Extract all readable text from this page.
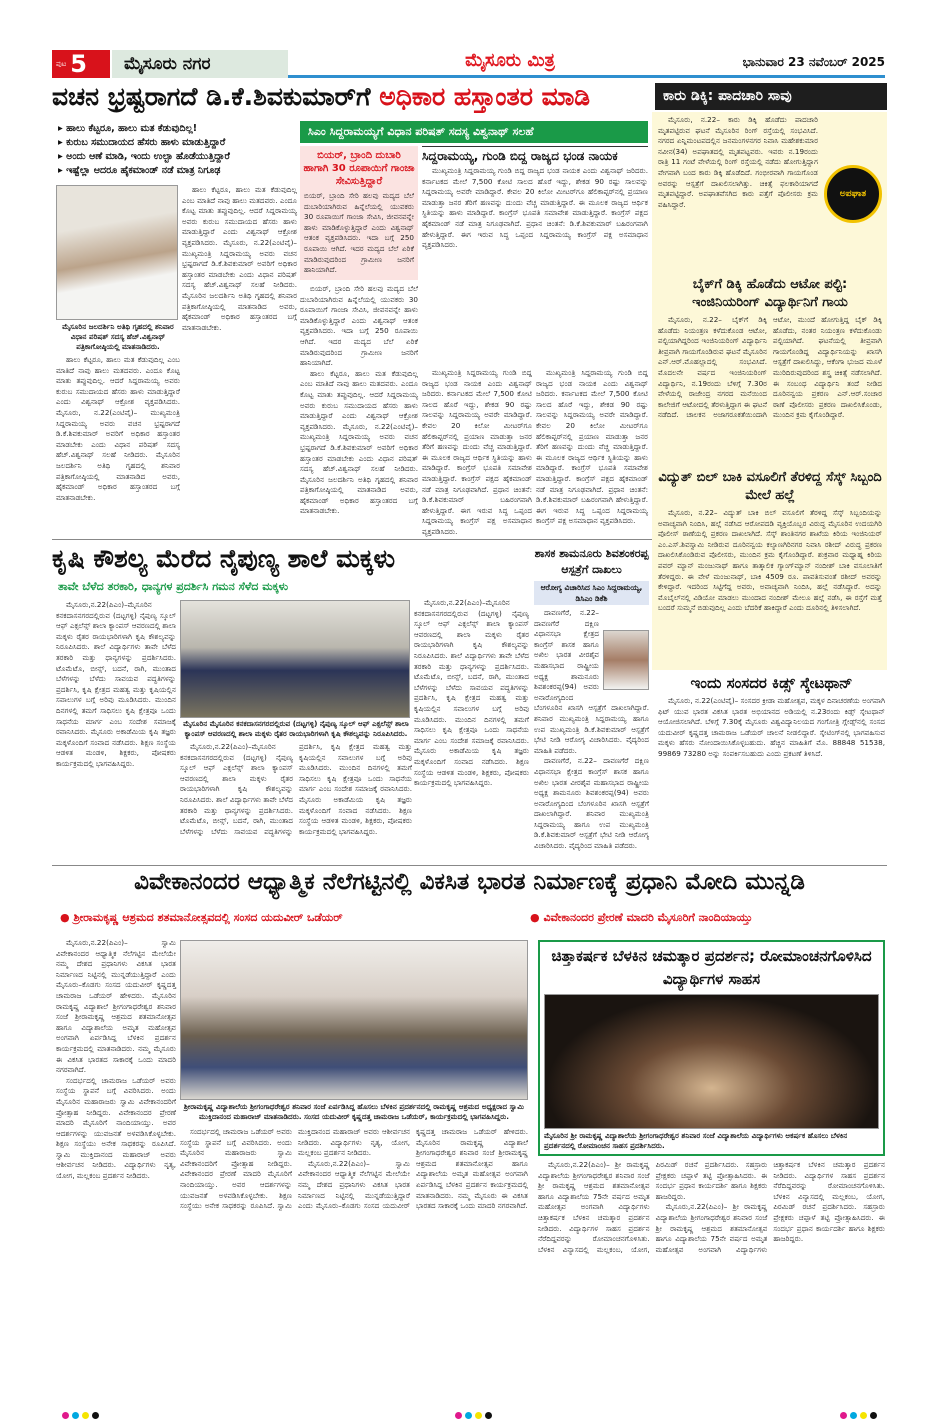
ಪುಟ 5	ಮೈಸೂರು ನಗರ	ಮೈಸೂರು ಮಿತ್ರ	ಭಾನುವಾರ 23 ನವೆಂಬರ್ 2025
ವಚನ ಭ್ರಷ್ಟರಾಗದೆ ಡಿ.ಕೆ.ಶಿವಕುಮಾರ್‌ಗೆ ಅಧಿಕಾರ ಹಸ್ತಾಂತರ ಮಾಡಿ
▸ ಹಾಲು ಕೆಟ್ಟರೂ, ಹಾಲು ಮತ ಕೆಡುವುದಿಲ್ಲ!
▸ ಕುರುಬ ಸಮುದಾಯದ ಹೆಸರು ಹಾಳು ಮಾಡುತ್ತಿದ್ದಾರೆ
▸ ಅಂದು ಆಣೆ ಮಾಡಿ, ಇಂದು ಉಲ್ಟಾ ಹೊಡೆಯುತ್ತಿದ್ದಾರೆ
▸ ಇಷ್ಟೆಲ್ಲಾ ಆದರೂ ಹೈಕಮಾಂಡ್ ನಡೆ ಮಾತ್ರ ನಿಗೂಢ
ಸಿಎಂ ಸಿದ್ದರಾಮಯ್ಯಗೆ ವಿಧಾನ ಪರಿಷತ್ ಸದಸ್ಯ ವಿಶ್ವನಾಥ್ ಸಲಹೆ
ಮೈಸೂರಿನ ಜಲದರ್ಶಿನಿ ಅತಿಥಿ ಗೃಹದಲ್ಲಿ ಶನಿವಾರ ವಿಧಾನ ಪರಿಷತ್ ಸದಸ್ಯ ಹೆಚ್.ವಿಶ್ವನಾಥ್ ಪತ್ರಿಕಾಗೋಷ್ಠಿಯಲ್ಲಿ ಮಾತನಾಡಿದರು.

ಹಾಲು ಕೆಟ್ಟರೂ, ಹಾಲು ಮತ ಕೆಡುವುದಿಲ್ಲ ಎಂಬ ಮಾತಿದೆ ನಾವು ಹಾಲು ಮತದವರು. ಎಂದೂ ಕೊಟ್ಟ ಮಾತು ತಪ್ಪುವುದಿಲ್ಲ. ಆದರೆ ಸಿದ್ದರಾಮಯ್ಯ ಅವರು ಕುರುಬ ಸಮುದಾಯದ ಹೆಸರು ಹಾಳು ಮಾಡುತ್ತಿದ್ದಾರೆ ಎಂದು ವಿಶ್ವನಾಥ್ ಆಕ್ರೋಶ ವ್ಯಕ್ತಪಡಿಸಿದರು. ಮೈಸೂರು, ನ.22(ಎಂಟಿವೈ)– ಮುಖ್ಯಮಂತ್ರಿ ಸಿದ್ದರಾಮಯ್ಯ ಅವರು ವಚನ ಭ್ರಷ್ಟರಾಗದೆ ಡಿ.ಕೆ.ಶಿವಕುಮಾರ್ ಅವರಿಗೆ ಅಧಿಕಾರ ಹಸ್ತಾಂತರ ಮಾಡಬೇಕು ಎಂದು ವಿಧಾನ ಪರಿಷತ್ ಸದಸ್ಯ ಹೆಚ್.ವಿಶ್ವನಾಥ್ ಸಲಹೆ ನೀಡಿದರು. ಮೈಸೂರಿನ ಜಲದರ್ಶಿನಿ ಅತಿಥಿ ಗೃಹದಲ್ಲಿ ಶನಿವಾರ ಪತ್ರಿಕಾಗೋಷ್ಠಿಯಲ್ಲಿ ಮಾತನಾಡಿದ ಅವರು, ಹೈಕಮಾಂಡ್ ಅಧಿಕಾರ ಹಸ್ತಾಂತರದ ಬಗ್ಗೆ ಮಾತನಾಡಬೇಕು.

ಹಾಲು ಕೆಟ್ಟರೂ, ಹಾಲು ಮತ ಕೆಡುವುದಿಲ್ಲ ಎಂಬ ಮಾತಿದೆ ನಾವು ಹಾಲು ಮತದವರು. ಎಂದೂ ಕೊಟ್ಟ ಮಾತು ತಪ್ಪುವುದಿಲ್ಲ. ಆದರೆ ಸಿದ್ದರಾಮಯ್ಯ ಅವರು ಕುರುಬ ಸಮುದಾಯದ ಹೆಸರು ಹಾಳು ಮಾಡುತ್ತಿದ್ದಾರೆ ಎಂದು ವಿಶ್ವನಾಥ್ ಆಕ್ರೋಶ ವ್ಯಕ್ತಪಡಿಸಿದರು. ಮೈಸೂರು, ನ.22(ಎಂಟಿವೈ)– ಮುಖ್ಯಮಂತ್ರಿ ಸಿದ್ದರಾಮಯ್ಯ ಅವರು ವಚನ ಭ್ರಷ್ಟರಾಗದೆ ಡಿ.ಕೆ.ಶಿವಕುಮಾರ್ ಅವರಿಗೆ ಅಧಿಕಾರ ಹಸ್ತಾಂತರ ಮಾಡಬೇಕು ಎಂದು ವಿಧಾನ ಪರಿಷತ್ ಸದಸ್ಯ ಹೆಚ್.ವಿಶ್ವನಾಥ್ ಸಲಹೆ ನೀಡಿದರು. ಮೈಸೂರಿನ ಜಲದರ್ಶಿನಿ ಅತಿಥಿ ಗೃಹದಲ್ಲಿ ಶನಿವಾರ ಪತ್ರಿಕಾಗೋಷ್ಠಿಯಲ್ಲಿ ಮಾತನಾಡಿದ ಅವರು, ಹೈಕಮಾಂಡ್ ಅಧಿಕಾರ ಹಸ್ತಾಂತರದ ಬಗ್ಗೆ ಮಾತನಾಡಬೇಕು.

ಬಿಯರ್, ಬ್ರಾಂದಿ ದುಬಾರಿ ಹಾಗಾಗಿ 30 ರೂಪಾಯಿಗೆ ಗಾಂಜಾ ಸೇವಿಸುತ್ತಿದ್ದಾರೆ
ಬಿಯರ್, ಬ್ರಾಂದಿ ಸೇರಿ ಹಲವು ಮದ್ಯದ ಬೆಲೆ ದುಬಾರಿಯಾಗಿರುವ ಹಿನ್ನೆಲೆಯಲ್ಲಿ ಯುವಕರು 30 ರೂಪಾಯಿಗೆ ಗಾಂಜಾ ಸೇವಿಸಿ, ಜೀವನವನ್ನೇ ಹಾಳು ಮಾಡಿಕೊಳ್ಳುತ್ತಿದ್ದಾರೆ ಎಂದು ವಿಶ್ವನಾಥ್ ಆತಂಕ ವ್ಯಕ್ತಪಡಿಸಿದರು. ಇದಾ ಬಗ್ಗೆ 250 ರೂಪಾಯಿ ಆಗಿದೆ. ಇದರ ಮದ್ಯದ ಬೆಲೆ ಏರಿಕೆ ಮಾಡಿರುವುದರಿಂದ ಗ್ರಾಮೀಣ ಜನರಿಗೆ ಹಾನಿಯಾಗಿದೆ.

ಬಿಯರ್, ಬ್ರಾಂದಿ ಸೇರಿ ಹಲವು ಮದ್ಯದ ಬೆಲೆ ದುಬಾರಿಯಾಗಿರುವ ಹಿನ್ನೆಲೆಯಲ್ಲಿ ಯುವಕರು 30 ರೂಪಾಯಿಗೆ ಗಾಂಜಾ ಸೇವಿಸಿ, ಜೀವನವನ್ನೇ ಹಾಳು ಮಾಡಿಕೊಳ್ಳುತ್ತಿದ್ದಾರೆ ಎಂದು ವಿಶ್ವನಾಥ್ ಆತಂಕ ವ್ಯಕ್ತಪಡಿಸಿದರು. ಇದಾ ಬಗ್ಗೆ 250 ರೂಪಾಯಿ ಆಗಿದೆ. ಇದರ ಮದ್ಯದ ಬೆಲೆ ಏರಿಕೆ ಮಾಡಿರುವುದರಿಂದ ಗ್ರಾಮೀಣ ಜನರಿಗೆ ಹಾನಿಯಾಗಿದೆ.

ಹಾಲು ಕೆಟ್ಟರೂ, ಹಾಲು ಮತ ಕೆಡುವುದಿಲ್ಲ ಎಂಬ ಮಾತಿದೆ ನಾವು ಹಾಲು ಮತದವರು. ಎಂದೂ ಕೊಟ್ಟ ಮಾತು ತಪ್ಪುವುದಿಲ್ಲ. ಆದರೆ ಸಿದ್ದರಾಮಯ್ಯ ಅವರು ಕುರುಬ ಸಮುದಾಯದ ಹೆಸರು ಹಾಳು ಮಾಡುತ್ತಿದ್ದಾರೆ ಎಂದು ವಿಶ್ವನಾಥ್ ಆಕ್ರೋಶ ವ್ಯಕ್ತಪಡಿಸಿದರು. ಮೈಸೂರು, ನ.22(ಎಂಟಿವೈ)– ಮುಖ್ಯಮಂತ್ರಿ ಸಿದ್ದರಾಮಯ್ಯ ಅವರು ವಚನ ಭ್ರಷ್ಟರಾಗದೆ ಡಿ.ಕೆ.ಶಿವಕುಮಾರ್ ಅವರಿಗೆ ಅಧಿಕಾರ ಹಸ್ತಾಂತರ ಮಾಡಬೇಕು ಎಂದು ವಿಧಾನ ಪರಿಷತ್ ಸದಸ್ಯ ಹೆಚ್.ವಿಶ್ವನಾಥ್ ಸಲಹೆ ನೀಡಿದರು. ಮೈಸೂರಿನ ಜಲದರ್ಶಿನಿ ಅತಿಥಿ ಗೃಹದಲ್ಲಿ ಶನಿವಾರ ಪತ್ರಿಕಾಗೋಷ್ಠಿಯಲ್ಲಿ ಮಾತನಾಡಿದ ಅವರು, ಹೈಕಮಾಂಡ್ ಅಧಿಕಾರ ಹಸ್ತಾಂತರದ ಬಗ್ಗೆ ಮಾತನಾಡಬೇಕು.

ಸಿದ್ದರಾಮಯ್ಯ, ಗುಂಡಿ ಬಿದ್ದ ರಾಜ್ಯದ ಭಂಡ ನಾಯಕ

ಮುಖ್ಯಮಂತ್ರಿ ಸಿದ್ದರಾಮಯ್ಯ ಗುಂಡಿ ಬಿದ್ದ ರಾಜ್ಯದ ಭಂಡ ನಾಯಕ ಎಂದು ವಿಶ್ವನಾಥ್ ಜರಿದರು. ಕರ್ನಾಟಕದ ಮೇಲೆ 7,500 ಕೋಟಿ ಸಾಲದ ಹೊರೆ ಇದ್ದು, ಶೇಕಡ 90 ರಷ್ಟು ಸಾಲವನ್ನು ಸಿದ್ದರಾಮಯ್ಯ ಅವರೇ ಮಾಡಿದ್ದಾರೆ. ಕೇವಲ 20 ಕಿಲೋ ಮೀಟರ್‌ಗೂ ಹೆಲಿಕಾಪ್ಟರ್‌ನಲ್ಲಿ ಪ್ರಯಾಣ ಮಾಡುತ್ತಾ ಜನರ ತೆರಿಗೆ ಹಣವನ್ನು ದುಂದು ವೆಚ್ಚ ಮಾಡುತ್ತಿದ್ದಾರೆ. ಈ ಮೂಲಕ ರಾಜ್ಯದ ಆರ್ಥಿಕ ಸ್ಥಿತಿಯನ್ನು ಹಾಳು ಮಾಡಿದ್ದಾರೆ. ಕಾಂಗ್ರೆಸ್ ಭೂಪತಿ ಸಮಾವೇಶ ಮಾಡುತ್ತಿದ್ದಾರೆ. ಕಾಂಗ್ರೆಸ್ ಪಕ್ಷದ ಹೈಕಮಾಂಡ್ ನಡೆ ಮಾತ್ರ ನಿಗೂಢವಾಗಿದೆ. ಪ್ರಧಾನ ಚಿಂತನೆ: ಡಿ.ಕೆ.ಶಿವಕುಮಾರ್ ಬಹಿರಂಗವಾಗಿ ಹೇಳುತ್ತಿದ್ದಾರೆ. ಈಗ ಇರುವ ಸಿದ್ಧ ಒಪ್ಪಂದ ಸಿದ್ದರಾಮಯ್ಯ ಕಾಂಗ್ರೆಸ್ ಪಕ್ಷ ಅಸಮಾಧಾನ ವ್ಯಕ್ತಪಡಿಸಿದರು.

ಮುಖ್ಯಮಂತ್ರಿ ಸಿದ್ದರಾಮಯ್ಯ ಗುಂಡಿ ಬಿದ್ದ ರಾಜ್ಯದ ಭಂಡ ನಾಯಕ ಎಂದು ವಿಶ್ವನಾಥ್ ಜರಿದರು. ಕರ್ನಾಟಕದ ಮೇಲೆ 7,500 ಕೋಟಿ ಸಾಲದ ಹೊರೆ ಇದ್ದು, ಶೇಕಡ 90 ರಷ್ಟು ಸಾಲವನ್ನು ಸಿದ್ದರಾಮಯ್ಯ ಅವರೇ ಮಾಡಿದ್ದಾರೆ. ಕೇವಲ 20 ಕಿಲೋ ಮೀಟರ್‌ಗೂ ಹೆಲಿಕಾಪ್ಟರ್‌ನಲ್ಲಿ ಪ್ರಯಾಣ ಮಾಡುತ್ತಾ ಜನರ ತೆರಿಗೆ ಹಣವನ್ನು ದುಂದು ವೆಚ್ಚ ಮಾಡುತ್ತಿದ್ದಾರೆ. ಈ ಮೂಲಕ ರಾಜ್ಯದ ಆರ್ಥಿಕ ಸ್ಥಿತಿಯನ್ನು ಹಾಳು ಮಾಡಿದ್ದಾರೆ. ಕಾಂಗ್ರೆಸ್ ಭೂಪತಿ ಸಮಾವೇಶ ಮಾಡುತ್ತಿದ್ದಾರೆ. ಕಾಂಗ್ರೆಸ್ ಪಕ್ಷದ ಹೈಕಮಾಂಡ್ ನಡೆ ಮಾತ್ರ ನಿಗೂಢವಾಗಿದೆ. ಪ್ರಧಾನ ಚಿಂತನೆ: ಡಿ.ಕೆ.ಶಿವಕುಮಾರ್ ಬಹಿರಂಗವಾಗಿ ಹೇಳುತ್ತಿದ್ದಾರೆ. ಈಗ ಇರುವ ಸಿದ್ಧ ಒಪ್ಪಂದ ಸಿದ್ದರಾಮಯ್ಯ ಕಾಂಗ್ರೆಸ್ ಪಕ್ಷ ಅಸಮಾಧಾನ ವ್ಯಕ್ತಪಡಿಸಿದರು.

ಮುಖ್ಯಮಂತ್ರಿ ಸಿದ್ದರಾಮಯ್ಯ ಗುಂಡಿ ಬಿದ್ದ ರಾಜ್ಯದ ಭಂಡ ನಾಯಕ ಎಂದು ವಿಶ್ವನಾಥ್ ಜರಿದರು. ಕರ್ನಾಟಕದ ಮೇಲೆ 7,500 ಕೋಟಿ ಸಾಲದ ಹೊರೆ ಇದ್ದು, ಶೇಕಡ 90 ರಷ್ಟು ಸಾಲವನ್ನು ಸಿದ್ದರಾಮಯ್ಯ ಅವರೇ ಮಾಡಿದ್ದಾರೆ. ಕೇವಲ 20 ಕಿಲೋ ಮೀಟರ್‌ಗೂ ಹೆಲಿಕಾಪ್ಟರ್‌ನಲ್ಲಿ ಪ್ರಯಾಣ ಮಾಡುತ್ತಾ ಜನರ ತೆರಿಗೆ ಹಣವನ್ನು ದುಂದು ವೆಚ್ಚ ಮಾಡುತ್ತಿದ್ದಾರೆ. ಈ ಮೂಲಕ ರಾಜ್ಯದ ಆರ್ಥಿಕ ಸ್ಥಿತಿಯನ್ನು ಹಾಳು ಮಾಡಿದ್ದಾರೆ. ಕಾಂಗ್ರೆಸ್ ಭೂಪತಿ ಸಮಾವೇಶ ಮಾಡುತ್ತಿದ್ದಾರೆ. ಕಾಂಗ್ರೆಸ್ ಪಕ್ಷದ ಹೈಕಮಾಂಡ್ ನಡೆ ಮಾತ್ರ ನಿಗೂಢವಾಗಿದೆ. ಪ್ರಧಾನ ಚಿಂತನೆ: ಡಿ.ಕೆ.ಶಿವಕುಮಾರ್ ಬಹಿರಂಗವಾಗಿ ಹೇಳುತ್ತಿದ್ದಾರೆ. ಈಗ ಇರುವ ಸಿದ್ಧ ಒಪ್ಪಂದ ಸಿದ್ದರಾಮಯ್ಯ ಕಾಂಗ್ರೆಸ್ ಪಕ್ಷ ಅಸಮಾಧಾನ ವ್ಯಕ್ತಪಡಿಸಿದರು.

ಕಾರು ಡಿಕ್ಕಿ: ಪಾದಚಾರಿ ಸಾವು
ಅಪಘಾತ

ಮೈಸೂರು, ನ.22– ಕಾರು ಡಿಕ್ಕಿ ಹೊಡೆದು ಪಾದಚಾರಿ ಮೃತಪಟ್ಟಿರುವ ಘಟನೆ ಮೈಸೂರಿನ ರಿಂಗ್ ರಸ್ತೆಯಲ್ಲಿ ಸಂಭವಿಸಿದೆ. ನಗರದ ಏನ್ನಿಮಂಟಪದಲ್ಲಿನ ಜನಮಂಗಳನಗರ ನಿವಾಸಿ ಮಹೇಶಕುಮಾರ ನವೀನ(34) ಅಪಘಾತದಲ್ಲಿ ಮೃತಪಟ್ಟವರು. ಇವರು ನ.19ರಂದು ರಾತ್ರಿ 11 ಗಂಟೆ ವೇಳೆಯಲ್ಲಿ ರಿಂಗ್ ರಸ್ತೆಯಲ್ಲಿ ನಡೆದು ಹೋಗುತ್ತಿದ್ದಾಗ ವೇಗವಾಗಿ ಬಂದ ಕಾರು ಡಿಕ್ಕಿ ಹೊಡೆದಿದೆ. ಗಂಭೀರವಾಗಿ ಗಾಯಗೊಂಡ ಅವರನ್ನು ಆಸ್ಪತ್ರೆಗೆ ದಾಖಲಿಸಲಾಗಿತ್ತು. ಚಿಕಿತ್ಸೆ ಫಲಕಾರಿಯಾಗದೆ ಮೃತಪಟ್ಟಿದ್ದಾರೆ. ಅಪಘಾತವೆಸಗಿದ ಕಾರು ಪತ್ತೆಗೆ ಪೊಲೀಸರು ಕ್ರಮ ವಹಿಸಿದ್ದಾರೆ.

ಬೈಕ್‌ಗೆ ಡಿಕ್ಕಿ ಹೊಡೆದು ಆಟೋ ಪಲ್ಟಿ: ಇಂಜಿನಿಯರಿಂಗ್ ವಿದ್ಯಾರ್ಥಿನಿಗೆ ಗಾಯ

ಮೈಸೂರು, ನ.22– ಬೈಕ್‌ಗೆ ಡಿಕ್ಕಿ ಹೊಡೆದು ನಿಯಂತ್ರಣ ಕಳೆದುಕೊಂಡ ಆಟೋ, ಪಲ್ಟಿಯಾಗಿದ್ದರಿಂದ ಇಂಜಿನಿಯರಿಂಗ್ ವಿದ್ಯಾರ್ಥಿನಿ ತೀವ್ರವಾಗಿ ಗಾಯಗೊಂಡಿರುವ ಘಟನೆ ಮೈಸೂರಿನ ಎನ್.ಆರ್.ಮೊಹಲ್ಲಾದಲ್ಲಿ ಸಂಭವಿಸಿದೆ. ಮೊದಲನೇ ವರ್ಷದ ಇಂಜಿನಿಯರಿಂಗ್ ವಿದ್ಯಾರ್ಥಿನಿ, ನ.19ರಂದು ಬೆಳಿಗ್ಗೆ 7.30ರ ವೇಳೆಯಲ್ಲಿ ರಾಜೇಂದ್ರ ನಗರದ ಮನೆಯಿಂದ ಕಾಲೇಜಿಗೆ ಆಟೋದಲ್ಲಿ ತೆರಳುತ್ತಿದ್ದಾಗ ಈ ಘಟನೆ ನಡೆದಿದೆ. ಚಾಲಕನ ಅಜಾಗರೂಕತೆಯಿಂದಾಗಿ ಆಟೋ, ಮುಂದೆ ಹೋಗುತ್ತಿದ್ದ ಬೈಕ್ ಡಿಕ್ಕಿ ಹೊಡೆದು, ನಂತರ ನಿಯಂತ್ರಣ ಕಳೆದುಕೊಂಡು ಪಲ್ಟಿಯಾಗಿದೆ. ಘಟನೆಯಲ್ಲಿ ತೀವ್ರವಾಗಿ ಗಾಯಗೊಂಡಿದ್ದ ವಿದ್ಯಾರ್ಥಿನಿಯನ್ನು ಖಾಸಗಿ ಆಸ್ಪತ್ರೆಗೆ ದಾಖಲಿಸಿದ್ದು, ಆಕೆಂಗಾ ಭುಜದ ಮೂಳೆ ಮುರಿದಿರುವುದರಿಂದ ಶಸ್ತ್ರ ಚಿಕಿತ್ಸೆ ನಡೆಸಲಾಗಿದೆ. ಈ ಸಂಬಂಧ ವಿದ್ಯಾರ್ಥಿನಿ ತಂದೆ ನೀಡಿದ ದೂರಿನನ್ವಯ ಪ್ರಕರಣ ಎನ್.ಆರ್.ಸಂಚಾರ ಠಾಣೆ ಪೊಲೀಸರು ಪ್ರಕರಣ ದಾಖಲಿಸಿಕೊಂಡು, ಮುಂದಿನ ಕ್ರಮ ಕೈಗೊಂಡಿದ್ದಾರೆ.

ವಿದ್ಯುತ್ ಬಿಲ್ ಬಾಕಿ ವಸೂಲಿಗೆ ತೆರಳಿದ್ದ ಸೆಸ್ಕ್ ಸಿಬ್ಬಂದಿ ಮೇಲೆ ಹಲ್ಲೆ

ಮೈಸೂರು, ನ.22– ವಿದ್ಯುತ್ ಬಾಕಿ ಬಿಲ್ ವಸೂಲಿಗೆ ತೆರಳಿದ್ದ ಸೆಸ್ಕ್ ಸಿಬ್ಬಂದಿಯನ್ನು ಅವಾಚ್ಯವಾಗಿ ನಿಂದಿಸಿ, ಹಲ್ಲೆ ನಡೆಸಿದ ಆರೋಪದಡಿ ವ್ಯಕ್ತಿಯೊಬ್ಬರ ವಿರುದ್ಧ ಮೈಸೂರಿನ ಉದಯಗಿರಿ ಪೊಲೀಸ್ ಠಾಣೆಯಲ್ಲಿ ಪ್ರಕರಣ ದಾಖಲಾಗಿದೆ. ಸೆಸ್ಕ್ ಶಾಂತಿನಗರ ಶಾಖೆಯ ಕಿರಿಯ ಇಂಜಿನಿಯರ್ ಎಂ.ಎಸ್.ಶಿವಸ್ವಾಮಿ ನೀಡಿರುವ ದೂರಿನನ್ವಯ ಕಲ್ಯಾಣಗಿರಿನಗರ ನಿವಾಸಿ ರಶೀದ್ ವಿರುದ್ಧ ಪ್ರಕರಣ ದಾಖಲಿಸಿಕೊಂಡಿರುವ ಪೊಲೀಸರು, ಮುಂದಿನ ಕ್ರಮ ಕೈಗೊಂಡಿದ್ದಾರೆ. ಶುಕ್ರವಾರ ಮಧ್ಯಾಹ್ನ ಕಿರಿಯ ಪವರ್ ಮ್ಯಾನ್ ಮಂಜುನಾಥ್ ಹಾಗೂ ತಾತ್ಕಾಲಿಕ ಗ್ಯಾಂಗ್‌ಮ್ಯಾನ್ ನಂದೀಶ್ ಬಾಕಿ ವಸೂಲಾತಿಗೆ ತೆರಳಿದ್ದರು. ಈ ವೇಳೆ ಮಂಜುನಾಥ್, ಬಾಕಿ 4509 ರೂ. ಪಾವತಿಸುವಂತೆ ರಶೀದ್ ಅವರನ್ನು ಕೇಳಿದ್ದಾರೆ. ಇದರಿಂದ ಸಿಟ್ಟಿಗೆದ್ದ ಅವರು, ಅವಾಚ್ಯವಾಗಿ ನಿಂದಿಸಿ, ಹಲ್ಲೆ ನಡೆಸಿದ್ದಾರೆ. ಅದನ್ನು ಮೊಬೈಲ್‌ನಲ್ಲಿ ವಿಡಿಯೋ ಮಾಡಲು ಮುಂದಾದ ನಂದೀಶ್ ಮೇಲೂ ಹಲ್ಲೆ ನಡೆಸಿ, ಈ ರಸ್ತೆಗೆ ಮತ್ತೆ ಬಂದರೆ ಸುಮ್ಮನೆ ಬಿಡುವುದಿಲ್ಲ ಎಂದು ಬೆದರಿಕೆ ಹಾಕಿದ್ದಾರೆ ಎಂದು ದೂರಿನಲ್ಲಿ ತಿಳಿಸಲಾಗಿದೆ.

ಇಂದು ಸಂಸದರ ಕಿಡ್ಸ್ ಸ್ಕೇಟಥಾನ್

ಮೈಸೂರು, ನ.22(ಎಂಟಿವೈ)– ಸಂಸದರ ಕ್ರೀಡಾ ಮಹೋತ್ಸವ, ಮಕ್ಕಳ ದಿನಾಚರಣೆಯ ಅಂಗವಾಗಿ ಫಿಟ್ ಯುವ ಭಾರತ ವಿಕಸಿತ ಭಾರತ ಅಭಿಯಾನದ ಅಡಿಯಲ್ಲಿ ನ.23ರಂದು ಕಿಡ್ಸ್ ಸ್ಕೇಟಥಾನ್ ಆಯೋಜಿಸಲಾಗಿದೆ. ಬೆಳಿಗ್ಗೆ 7.30ಕ್ಕೆ ಮೈಸೂರು ವಿಶ್ವವಿದ್ಯಾನಿಲಯದ ಗಂಗೋತ್ರಿ ಗ್ಲೇಡ್ಸ್‌ನಲ್ಲಿ ಸಂಸದ ಯದುವೀರ್ ಕೃಷ್ಣದತ್ತ ಚಾಮರಾಜ ಒಡೆಯರ್ ಚಾಲನೆ ನೀಡಲಿದ್ದಾರೆ. ಸ್ಕೇಟಿಂಗ್‌ನಲ್ಲಿ ಭಾಗವಹಿಸುವ ಮಕ್ಕಳು ಹೆಸರು ನೋಂದಾಯಿಸಿಕೊಳ್ಳಬಹುದು. ಹೆಚ್ಚಿನ ಮಾಹಿತಿಗೆ ಮೊ. 88848 51538, 99869 73280 ಅನ್ನು ಸಂಪರ್ಕಿಸಬಹುದು ಎಂದು ಪ್ರಕಟಣೆ ತಿಳಿಸಿದೆ.

ಕೃಷಿ ಕೌಶಲ್ಯ ಮೆರೆದ ನೈಪುಣ್ಯ ಶಾಲೆ ಮಕ್ಕಳು
ತಾವೇ ಬೆಳೆದ ತರಕಾರಿ, ಧಾನ್ಯಗಳ ಪ್ರದರ್ಶಿಸಿ ಗಮನ ಸೆಳೆದ ಮಕ್ಕಳು

ಮೈಸೂರು,ನ.22(ಪಿಎಂ)–ಮೈಸೂರಿನ ಕನಕದಾಸನಗರದಲ್ಲಿರುವ (ದಟ್ಟಗಳ್ಳಿ) ನೈಪುಣ್ಯ ಸ್ಕೂಲ್ ಆಫ್ ಎಕ್ಸಲೆನ್ಸ್ ಶಾಲಾ ಕ್ಯಾಂಪಸ್ ಆವರಣದಲ್ಲಿ ಶಾಲಾ ಮಕ್ಕಳು ರೈತರ ರಾಯಭಾರಿಗಳಾಗಿ ಕೃಷಿ ಕೌಶಲ್ಯವನ್ನು ನಿರೂಪಿಸಿದರು. ಶಾಲೆ ವಿದ್ಯಾರ್ಥಿಗಳು ತಾವೇ ಬೆಳೆದ ತರಕಾರಿ ಮತ್ತು ಧಾನ್ಯಗಳನ್ನು ಪ್ರದರ್ಶಿಸಿದರು. ಟೊಮೆಟೊ, ಬೀನ್ಸ್, ಬದನೆ, ರಾಗಿ, ಮುಂತಾದ ಬೆಳೆಗಳನ್ನು ಬೆಳೆದು ಸಾವಯವ ಪದ್ಧತಿಗಳನ್ನು ಪ್ರದರ್ಶಿಸಿ, ಕೃಷಿ ಕ್ಷೇತ್ರದ ಮಹತ್ವ ಮತ್ತು ಕೃಷಿಯಲ್ಲಿನ ಸವಾಲುಗಳ ಬಗ್ಗೆ ಅರಿವು ಮೂಡಿಸಿದರು. ಮುಂದಿನ ದಿನಗಳಲ್ಲಿ ತಮಗೆ ಸಾಧಿಸಲು ಕೃಷಿ ಕ್ಷೇತ್ರವೂ ಒಂದು ಸಾಧನೆಯ ಮಾರ್ಗ ಎಂಬ ಸಂದೇಶ ಸಮಾಜಕ್ಕೆ ರವಾನಿಸಿದರು. ಮೈಸೂರು ಅಕಾಡೆಮಿಯ ಕೃಷಿ ತಜ್ಞರು ಮಕ್ಕಳೊಂದಿಗೆ ಸಂವಾದ ನಡೆಸಿದರು. ಶಿಕ್ಷಣ ಸಂಸ್ಥೆಯ ಆಡಳಿತ ಮಂಡಳಿ, ಶಿಕ್ಷಕರು, ಪೋಷಕರು ಕಾರ್ಯಕ್ರಮದಲ್ಲಿ ಭಾಗವಹಿಸಿದ್ದರು.

ಮೈಸೂರಿನ ಮೈಸೂರಿನ ಕನಕದಾಸನಗರದಲ್ಲಿರುವ (ದಟ್ಟಗಳ್ಳಿ) ನೈಪುಣ್ಯ ಸ್ಕೂಲ್ ಆಫ್ ಎಕ್ಸಲೆನ್ಸ್ ಶಾಲಾ ಕ್ಯಾಂಪಸ್ ಆವರಣದಲ್ಲಿ ಶಾಲಾ ಮಕ್ಕಳು ರೈತರ ರಾಯಭಾರಿಗಳಾಗಿ ಕೃಷಿ ಕೌಶಲ್ಯವನ್ನು ನಿರೂಪಿಸಿದರು.

ಮೈಸೂರು,ನ.22(ಪಿಎಂ)–ಮೈಸೂರಿನ ಕನಕದಾಸನಗರದಲ್ಲಿರುವ (ದಟ್ಟಗಳ್ಳಿ) ನೈಪುಣ್ಯ ಸ್ಕೂಲ್ ಆಫ್ ಎಕ್ಸಲೆನ್ಸ್ ಶಾಲಾ ಕ್ಯಾಂಪಸ್ ಆವರಣದಲ್ಲಿ ಶಾಲಾ ಮಕ್ಕಳು ರೈತರ ರಾಯಭಾರಿಗಳಾಗಿ ಕೃಷಿ ಕೌಶಲ್ಯವನ್ನು ನಿರೂಪಿಸಿದರು. ಶಾಲೆ ವಿದ್ಯಾರ್ಥಿಗಳು ತಾವೇ ಬೆಳೆದ ತರಕಾರಿ ಮತ್ತು ಧಾನ್ಯಗಳನ್ನು ಪ್ರದರ್ಶಿಸಿದರು. ಟೊಮೆಟೊ, ಬೀನ್ಸ್, ಬದನೆ, ರಾಗಿ, ಮುಂತಾದ ಬೆಳೆಗಳನ್ನು ಬೆಳೆದು ಸಾವಯವ ಪದ್ಧತಿಗಳನ್ನು ಪ್ರದರ್ಶಿಸಿ, ಕೃಷಿ ಕ್ಷೇತ್ರದ ಮಹತ್ವ ಮತ್ತು ಕೃಷಿಯಲ್ಲಿನ ಸವಾಲುಗಳ ಬಗ್ಗೆ ಅರಿವು ಮೂಡಿಸಿದರು. ಮುಂದಿನ ದಿನಗಳಲ್ಲಿ ತಮಗೆ ಸಾಧಿಸಲು ಕೃಷಿ ಕ್ಷೇತ್ರವೂ ಒಂದು ಸಾಧನೆಯ ಮಾರ್ಗ ಎಂಬ ಸಂದೇಶ ಸಮಾಜಕ್ಕೆ ರವಾನಿಸಿದರು. ಮೈಸೂರು ಅಕಾಡೆಮಿಯ ಕೃಷಿ ತಜ್ಞರು ಮಕ್ಕಳೊಂದಿಗೆ ಸಂವಾದ ನಡೆಸಿದರು. ಶಿಕ್ಷಣ ಸಂಸ್ಥೆಯ ಆಡಳಿತ ಮಂಡಳಿ, ಶಿಕ್ಷಕರು, ಪೋಷಕರು ಕಾರ್ಯಕ್ರಮದಲ್ಲಿ ಭಾಗವಹಿಸಿದ್ದರು.

ಮೈಸೂರು,ನ.22(ಪಿಎಂ)–ಮೈಸೂರಿನ ಕನಕದಾಸನಗರದಲ್ಲಿರುವ (ದಟ್ಟಗಳ್ಳಿ) ನೈಪುಣ್ಯ ಸ್ಕೂಲ್ ಆಫ್ ಎಕ್ಸಲೆನ್ಸ್ ಶಾಲಾ ಕ್ಯಾಂಪಸ್ ಆವರಣದಲ್ಲಿ ಶಾಲಾ ಮಕ್ಕಳು ರೈತರ ರಾಯಭಾರಿಗಳಾಗಿ ಕೃಷಿ ಕೌಶಲ್ಯವನ್ನು ನಿರೂಪಿಸಿದರು. ಶಾಲೆ ವಿದ್ಯಾರ್ಥಿಗಳು ತಾವೇ ಬೆಳೆದ ತರಕಾರಿ ಮತ್ತು ಧಾನ್ಯಗಳನ್ನು ಪ್ರದರ್ಶಿಸಿದರು. ಟೊಮೆಟೊ, ಬೀನ್ಸ್, ಬದನೆ, ರಾಗಿ, ಮುಂತಾದ ಬೆಳೆಗಳನ್ನು ಬೆಳೆದು ಸಾವಯವ ಪದ್ಧತಿಗಳನ್ನು ಪ್ರದರ್ಶಿಸಿ, ಕೃಷಿ ಕ್ಷೇತ್ರದ ಮಹತ್ವ ಮತ್ತು ಕೃಷಿಯಲ್ಲಿನ ಸವಾಲುಗಳ ಬಗ್ಗೆ ಅರಿವು ಮೂಡಿಸಿದರು. ಮುಂದಿನ ದಿನಗಳಲ್ಲಿ ತಮಗೆ ಸಾಧಿಸಲು ಕೃಷಿ ಕ್ಷೇತ್ರವೂ ಒಂದು ಸಾಧನೆಯ ಮಾರ್ಗ ಎಂಬ ಸಂದೇಶ ಸಮಾಜಕ್ಕೆ ರವಾನಿಸಿದರು. ಮೈಸೂರು ಅಕಾಡೆಮಿಯ ಕೃಷಿ ತಜ್ಞರು ಮಕ್ಕಳೊಂದಿಗೆ ಸಂವಾದ ನಡೆಸಿದರು. ಶಿಕ್ಷಣ ಸಂಸ್ಥೆಯ ಆಡಳಿತ ಮಂಡಳಿ, ಶಿಕ್ಷಕರು, ಪೋಷಕರು ಕಾರ್ಯಕ್ರಮದಲ್ಲಿ ಭಾಗವಹಿಸಿದ್ದರು.

ಶಾಸಕ ಶಾಮನೂರು ಶಿವಶಂಕರಪ್ಪ ಆಸ್ಪತ್ರೆಗೆ ದಾಖಲು
ಆರೋಗ್ಯ ವಿಚಾರಿಸಿದ ಸಿಎಂ ಸಿದ್ದರಾಮಯ್ಯ, ಡಿಸಿಎಂ ಡಿಕೆಶಿ

ದಾವಣಗೆರೆ, ನ.22– ದಾವಣಗೆರೆ ದಕ್ಷಿಣ ವಿಧಾನಸಭಾ ಕ್ಷೇತ್ರದ ಕಾಂಗ್ರೆಸ್ ಶಾಸಕ ಹಾಗೂ ಅಖಿಲ ಭಾರತ ವೀರಶೈವ ಮಹಾಸಭಾದ ರಾಷ್ಟ್ರೀಯ ಅಧ್ಯಕ್ಷ ಶಾಮನೂರು ಶಿವಶಂಕರಪ್ಪ(94) ಅವರು ಅನಾರೋಗ್ಯದಿಂದ ಬೆಂಗಳೂರಿನ ಖಾಸಗಿ ಆಸ್ಪತ್ರೆಗೆ ದಾಖಲಾಗಿದ್ದಾರೆ. ಶನಿವಾರ ಮುಖ್ಯಮಂತ್ರಿ ಸಿದ್ದರಾಮಯ್ಯ ಹಾಗೂ ಉಪ ಮುಖ್ಯಮಂತ್ರಿ ಡಿ.ಕೆ.ಶಿವಕುಮಾರ್ ಆಸ್ಪತ್ರೆಗೆ ಭೇಟಿ ನೀಡಿ ಆರೋಗ್ಯ ವಿಚಾರಿಸಿದರು. ವೈದ್ಯರಿಂದ ಮಾಹಿತಿ ಪಡೆದರು.

ದಾವಣಗೆರೆ, ನ.22– ದಾವಣಗೆರೆ ದಕ್ಷಿಣ ವಿಧಾನಸಭಾ ಕ್ಷೇತ್ರದ ಕಾಂಗ್ರೆಸ್ ಶಾಸಕ ಹಾಗೂ ಅಖಿಲ ಭಾರತ ವೀರಶೈವ ಮಹಾಸಭಾದ ರಾಷ್ಟ್ರೀಯ ಅಧ್ಯಕ್ಷ ಶಾಮನೂರು ಶಿವಶಂಕರಪ್ಪ(94) ಅವರು ಅನಾರೋಗ್ಯದಿಂದ ಬೆಂಗಳೂರಿನ ಖಾಸಗಿ ಆಸ್ಪತ್ರೆಗೆ ದಾಖಲಾಗಿದ್ದಾರೆ. ಶನಿವಾರ ಮುಖ್ಯಮಂತ್ರಿ ಸಿದ್ದರಾಮಯ್ಯ ಹಾಗೂ ಉಪ ಮುಖ್ಯಮಂತ್ರಿ ಡಿ.ಕೆ.ಶಿವಕುಮಾರ್ ಆಸ್ಪತ್ರೆಗೆ ಭೇಟಿ ನೀಡಿ ಆರೋಗ್ಯ ವಿಚಾರಿಸಿದರು. ವೈದ್ಯರಿಂದ ಮಾಹಿತಿ ಪಡೆದರು.

ವಿವೇಕಾನಂದರ ಆಧ್ಯಾತ್ಮಿಕ ನೆಲೆಗಟ್ಟಿನಲ್ಲಿ ವಿಕಸಿತ ಭಾರತ ನಿರ್ಮಾಣಕ್ಕೆ ಪ್ರಧಾನಿ ಮೋದಿ ಮುನ್ನಡಿ
● ಶ್ರೀರಾಮಕೃಷ್ಣ ಆಶ್ರಮದ ಶತಮಾನೋತ್ಸವದಲ್ಲಿ ಸಂಸದ ಯದುವೀರ್ ಒಡೆಯರ್	● ವಿವೇಕಾನಂದರ ಪ್ರೇರಣೆ ಮಾದರಿ ಮೈಸೂರಿಗೆ ನಾಂದಿಯಾಯ್ತು

ಮೈಸೂರು,ನ.22(ಪಿಎಂ)– ಸ್ವಾಮಿ ವಿವೇಕಾನಂದರ ಆಧ್ಯಾತ್ಮಿಕ ನೆಲೆಗಟ್ಟಿನ ಮೇಲೆಯೇ ನಮ್ಮ ದೇಶದ ಪ್ರಧಾನಿಗಳು ವಿಕಸಿತ ಭಾರತ ನಿರ್ಮಾಣದ ನಿಟ್ಟಿನಲ್ಲಿ ಮುನ್ನಡೆಯುತ್ತಿದ್ದಾರೆ ಎಂದು ಮೈಸೂರು–ಕೊಡಗು ಸಂಸದ ಯದುವೀರ್ ಕೃಷ್ಣದತ್ತ ಚಾಮರಾಜ ಒಡೆಯರ್ ಹೇಳಿದರು. ಮೈಸೂರಿನ ರಾಮಕೃಷ್ಣ ವಿದ್ಯಾಶಾಲೆ ಶ್ರೀಗಂಗಾಧರೇಶ್ವರ ಶನಿವಾರ ಸಂಜೆ ಶ್ರೀರಾಮಕೃಷ್ಣ ಆಶ್ರಮದ ಶತಮಾನೋತ್ಸವ ಹಾಗೂ ವಿದ್ಯಾಶಾಲೆಯ ಅಮೃತ ಮಹೋತ್ಸವ ಅಂಗವಾಗಿ ಏರ್ಪಡಿಸಿದ್ದ ಬೆಳಕಿನ ಪ್ರದರ್ಶನ ಕಾರ್ಯಕ್ರಮದಲ್ಲಿ ಮಾತನಾಡಿದರು. ನಮ್ಮ ಮೈಸೂರು ಈ ವಿಕಸಿತ ಭಾರತದ ಸಾಕಾರಕ್ಕೆ ಒಂದು ಮಾದರಿ ನಗರವಾಗಿದೆ.

ಸಂದರ್ಭದಲ್ಲಿ ಚಾಮರಾಜ ಒಡೆಯರ್ ಅವರು ಸಂಸ್ಥೆಯ ಸ್ಥಾಪನೆ ಬಗ್ಗೆ ವಿವರಿಸಿದರು. ಅಂದು ಮೈಸೂರಿನ ಮಹಾರಾಜರು ಸ್ವಾಮಿ ವಿವೇಕಾನಂದರಿಗೆ ಪ್ರೋತ್ಸಾಹ ನೀಡಿದ್ದರು. ವಿವೇಕಾನಂದರ ಪ್ರೇರಣೆ ಮಾದರಿ ಮೈಸೂರಿಗೆ ನಾಂದಿಯಾಯ್ತು. ಅವರ ಆದರ್ಶಗಳನ್ನು ಯುವಜನತೆ ಅಳವಡಿಸಿಕೊಳ್ಳಬೇಕು. ಶಿಕ್ಷಣ ಸಂಸ್ಥೆಯು ಅನೇಕ ಸಾಧಕರನ್ನು ರೂಪಿಸಿದೆ. ಸ್ವಾಮಿ ಮುಕ್ತಿದಾನಂದ ಮಹಾರಾಜ್ ಅವರು ಆಶೀರ್ವಚನ ನೀಡಿದರು. ವಿದ್ಯಾರ್ಥಿಗಳು ನೃತ್ಯ, ಯೋಗ, ಮಲ್ಲಕಂಬ ಪ್ರದರ್ಶನ ನೀಡಿದರು.

ಶ್ರೀರಾಮಕೃಷ್ಣ ವಿದ್ಯಾಶಾಲೆಯ ಶ್ರೀಗಂಗಾಧರೇಶ್ವರ ಶನಿವಾರ ಸಂಜೆ ಏರ್ಪಡಿಸಿದ್ದ ಹೊಸಲು ಬೆಳಕಿನ ಪ್ರದರ್ಶನದಲ್ಲಿ ರಾಮಕೃಷ್ಣ ಆಶ್ರಮದ ಅಧ್ಯಕ್ಷರಾದ ಸ್ವಾಮಿ ಮುಕ್ತಿದಾನಂದ ಮಹಾರಾಜ್ ಮಾತನಾಡಿದರು. ಸಂಸದ ಯದುವೀರ್ ಕೃಷ್ಣದತ್ತ ಚಾಮರಾಜ ಒಡೆಯರ್, ಕಾರ್ಯಕ್ರಮದಲ್ಲಿ ಭಾಗವಹಿಸಿದ್ದರು.

ಸಂದರ್ಭದಲ್ಲಿ ಚಾಮರಾಜ ಒಡೆಯರ್ ಅವರು ಸಂಸ್ಥೆಯ ಸ್ಥಾಪನೆ ಬಗ್ಗೆ ವಿವರಿಸಿದರು. ಅಂದು ಮೈಸೂರಿನ ಮಹಾರಾಜರು ಸ್ವಾಮಿ ವಿವೇಕಾನಂದರಿಗೆ ಪ್ರೋತ್ಸಾಹ ನೀಡಿದ್ದರು. ವಿವೇಕಾನಂದರ ಪ್ರೇರಣೆ ಮಾದರಿ ಮೈಸೂರಿಗೆ ನಾಂದಿಯಾಯ್ತು. ಅವರ ಆದರ್ಶಗಳನ್ನು ಯುವಜನತೆ ಅಳವಡಿಸಿಕೊಳ್ಳಬೇಕು. ಶಿಕ್ಷಣ ಸಂಸ್ಥೆಯು ಅನೇಕ ಸಾಧಕರನ್ನು ರೂಪಿಸಿದೆ. ಸ್ವಾಮಿ ಮುಕ್ತಿದಾನಂದ ಮಹಾರಾಜ್ ಅವರು ಆಶೀರ್ವಚನ ನೀಡಿದರು. ವಿದ್ಯಾರ್ಥಿಗಳು ನೃತ್ಯ, ಯೋಗ, ಮಲ್ಲಕಂಬ ಪ್ರದರ್ಶನ ನೀಡಿದರು.

ಮೈಸೂರು,ನ.22(ಪಿಎಂ)– ಸ್ವಾಮಿ ವಿವೇಕಾನಂದರ ಆಧ್ಯಾತ್ಮಿಕ ನೆಲೆಗಟ್ಟಿನ ಮೇಲೆಯೇ ನಮ್ಮ ದೇಶದ ಪ್ರಧಾನಿಗಳು ವಿಕಸಿತ ಭಾರತ ನಿರ್ಮಾಣದ ನಿಟ್ಟಿನಲ್ಲಿ ಮುನ್ನಡೆಯುತ್ತಿದ್ದಾರೆ ಎಂದು ಮೈಸೂರು–ಕೊಡಗು ಸಂಸದ ಯದುವೀರ್ ಕೃಷ್ಣದತ್ತ ಚಾಮರಾಜ ಒಡೆಯರ್ ಹೇಳಿದರು. ಮೈಸೂರಿನ ರಾಮಕೃಷ್ಣ ವಿದ್ಯಾಶಾಲೆ ಶ್ರೀಗಂಗಾಧರೇಶ್ವರ ಶನಿವಾರ ಸಂಜೆ ಶ್ರೀರಾಮಕೃಷ್ಣ ಆಶ್ರಮದ ಶತಮಾನೋತ್ಸವ ಹಾಗೂ ವಿದ್ಯಾಶಾಲೆಯ ಅಮೃತ ಮಹೋತ್ಸವ ಅಂಗವಾಗಿ ಏರ್ಪಡಿಸಿದ್ದ ಬೆಳಕಿನ ಪ್ರದರ್ಶನ ಕಾರ್ಯಕ್ರಮದಲ್ಲಿ ಮಾತನಾಡಿದರು. ನಮ್ಮ ಮೈಸೂರು ಈ ವಿಕಸಿತ ಭಾರತದ ಸಾಕಾರಕ್ಕೆ ಒಂದು ಮಾದರಿ ನಗರವಾಗಿದೆ.

ಚಿತ್ತಾಕರ್ಷಕ ಬೆಳಕಿನ ಚಮತ್ಕಾರ ಪ್ರದರ್ಶನ; ರೋಮಾಂಚನಗೊಳಿಸಿದ ವಿದ್ಯಾರ್ಥಿಗಳ ಸಾಹಸ
ಮೈಸೂರಿನ ಶ್ರೀ ರಾಮಕೃಷ್ಣ ವಿದ್ಯಾಶಾಲೆಯ ಶ್ರೀಗಂಗಾಧರೇಶ್ವರ ಶನಿವಾರ ಸಂಜೆ ವಿದ್ಯಾಶಾಲೆಯ ವಿದ್ಯಾರ್ಥಿಗಳು ಆಕರ್ಷಕ ಹೊಸಲು ಬೆಳಕಿನ ಪ್ರದರ್ಶನದಲ್ಲಿ ರೋಮಾಂಚನ ಸಾಹಸ ಪ್ರದರ್ಶಿಸಿದರು.

ಮೈಸೂರು,ನ.22(ಪಿಎಂ)– ಶ್ರೀ ರಾಮಕೃಷ್ಣ ವಿದ್ಯಾಶಾಲೆಯ ಶ್ರೀಗಂಗಾಧರೇಶ್ವರ ಶನಿವಾರ ಸಂಜೆ ಶ್ರೀ ರಾಮಕೃಷ್ಣ ಆಶ್ರಮದ ಶತಮಾನೋತ್ಸವ ಹಾಗೂ ವಿದ್ಯಾಶಾಲೆಯ 75ನೇ ವರ್ಷದ ಅಮೃತ ಮಹೋತ್ಸವ ಅಂಗವಾಗಿ ವಿದ್ಯಾರ್ಥಿಗಳು ಚಿತ್ತಾಕರ್ಷಕ ಬೆಳಕಿನ ಚಮತ್ಕಾರ ಪ್ರದರ್ಶನ ನೀಡಿದರು. ವಿದ್ಯಾರ್ಥಿಗಳ ಸಾಹಸ ಪ್ರದರ್ಶನ ನೆರೆದಿದ್ದವರನ್ನು ರೋಮಾಂಚನಗೊಳಿಸಿತು. ಬೆಳಕಿನ ವಿನ್ಯಾಸದಲ್ಲಿ ಮಲ್ಲಕಂಬ, ಯೋಗ, ಪಿರಮಿಡ್ ರಚನೆ ಪ್ರದರ್ಶಿಸಿದರು. ಸಹಸ್ರಾರು ಪ್ರೇಕ್ಷಕರು ಚಪ್ಪಾಳೆ ತಟ್ಟಿ ಪ್ರೋತ್ಸಾಹಿಸಿದರು. ಈ ಸಂದರ್ಭ ಪ್ರಧಾನ ಕಾರ್ಯದರ್ಶಿ ಹಾಗೂ ಶಿಕ್ಷಕರು ಹಾಜರಿದ್ದರು.

ಮೈಸೂರು,ನ.22(ಪಿಎಂ)– ಶ್ರೀ ರಾಮಕೃಷ್ಣ ವಿದ್ಯಾಶಾಲೆಯ ಶ್ರೀಗಂಗಾಧರೇಶ್ವರ ಶನಿವಾರ ಸಂಜೆ ಶ್ರೀ ರಾಮಕೃಷ್ಣ ಆಶ್ರಮದ ಶತಮಾನೋತ್ಸವ ಹಾಗೂ ವಿದ್ಯಾಶಾಲೆಯ 75ನೇ ವರ್ಷದ ಅಮೃತ ಮಹೋತ್ಸವ ಅಂಗವಾಗಿ ವಿದ್ಯಾರ್ಥಿಗಳು ಚಿತ್ತಾಕರ್ಷಕ ಬೆಳಕಿನ ಚಮತ್ಕಾರ ಪ್ರದರ್ಶನ ನೀಡಿದರು. ವಿದ್ಯಾರ್ಥಿಗಳ ಸಾಹಸ ಪ್ರದರ್ಶನ ನೆರೆದಿದ್ದವರನ್ನು ರೋಮಾಂಚನಗೊಳಿಸಿತು. ಬೆಳಕಿನ ವಿನ್ಯಾಸದಲ್ಲಿ ಮಲ್ಲಕಂಬ, ಯೋಗ, ಪಿರಮಿಡ್ ರಚನೆ ಪ್ರದರ್ಶಿಸಿದರು. ಸಹಸ್ರಾರು ಪ್ರೇಕ್ಷಕರು ಚಪ್ಪಾಳೆ ತಟ್ಟಿ ಪ್ರೋತ್ಸಾಹಿಸಿದರು. ಈ ಸಂದರ್ಭ ಪ್ರಧಾನ ಕಾರ್ಯದರ್ಶಿ ಹಾಗೂ ಶಿಕ್ಷಕರು ಹಾಜರಿದ್ದರು.
